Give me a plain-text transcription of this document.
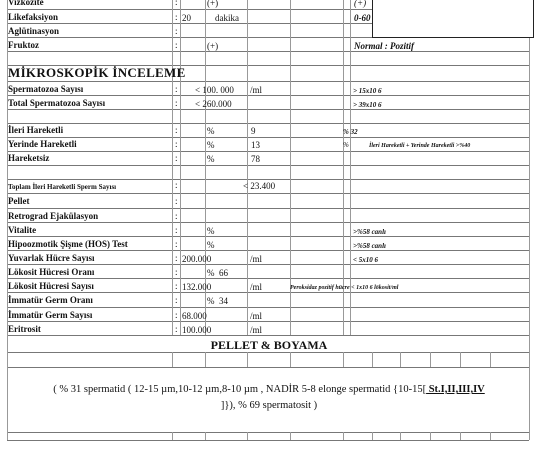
Vizkozite	:	(+)	(+)
Likefaksiyon	: 20	dakika	0-60
Aglütinasyon	:
Fruktoz	:	(+)	Normal : Pozitif
MİKROSKOPİK İNCELEME
Spermatozoa Sayısı	: < 100. 000 /ml	> 15x10 6
Total Spermatozoa Sayısı	: < 260.000	> 39x10 6
İleri Hareketli	:	%	9	% 32
Yerinde Hareketli	:	%	13	%	İleri Hareketli + Yerinde Hareketli >%40
Hareketsiz	:	%	78
Toplam İleri Hareketli Sperm Sayısı	:	< 23.400
Pellet	:
Retrograd Ejakülasyon	:
Vitalite	:	%	>%58 canlı
Hipoozmotik Şişme (HOS) Test	:	%	>%58 canlı
Yuvarlak Hücre Sayısı	: 200.000	/ml	< 5x10 6
Lökosit Hücresi Oranı	:	% 66
Lökosit Hücresi Sayısı	: 132.000	/ml	Peroksidaz pozitif hücre < 1x10 6 lökosit/ml
İmmatür Germ Oranı	:	% 34
İmmatür Germ Sayısı	: 68.000	/ml
Eritrosit	: 100.000	/ml
PELLET & BOYAMA
( % 31 spermatid ( 12-15 µm,10-12 µm,8-10 µm , NADİR 5-8 elonge spermatid {10-15[ St.I,II,III,IV
]}), % 69 spermatosit )
